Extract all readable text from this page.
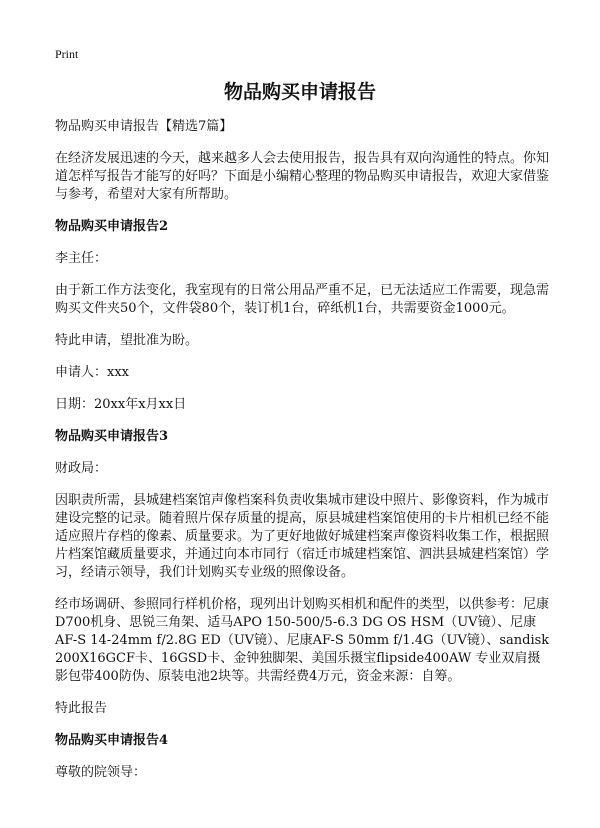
Print
物品购买申请报告

物品购买申请报告【精选7篇】

在经济发展迅速的今天，越来越多人会去使用报告，报告具有双向沟通性的特点。你知道怎样写报告才能写的好吗？下面是小编精心整理的物品购买申请报告，欢迎大家借鉴与参考，希望对大家有所帮助。

物品购买申请报告2

李主任：

由于新工作方法变化，我室现有的日常公用品严重不足，已无法适应工作需要，现急需购买文件夹50个，文件袋80个，装订机1台，碎纸机1台，共需要资金1000元。

特此申请，望批准为盼。

申请人：xxx

日期：20xx年x月xx日

物品购买申请报告3

财政局：

因职责所需，县城建档案馆声像档案科负责收集城市建设中照片、影像资料，作为城市建设完整的记录。随着照片保存质量的提高，原县城建档案馆使用的卡片相机已经不能适应照片存档的像素、质量要求。为了更好地做好城建档案声像资料收集工作，根据照片档案馆藏质量要求，并通过向本市同行（宿迁市城建档案馆、泗洪县城建档案馆）学习，经请示领导，我们计划购买专业级的照像设备。

经市场调研、参照同行样机价格，现列出计划购买相机和配件的类型，以供参考：尼康D700机身、思锐三角架、适马APO 150-500/5-6.3 DG OS HSM（UV镜）、尼康AF-S 14-24mm f/2.8G ED（UV镜）、尼康AF-S 50mm f/1.4G（UV镜）、sandisk 200X16GCF卡、16GSD卡、金钟独脚架、美国乐摄宝flipside400AW 专业双肩摄影包带400防伪、原装电池2块等。共需经费4万元，资金来源：自筹。

特此报告

物品购买申请报告4

尊敬的院领导：
